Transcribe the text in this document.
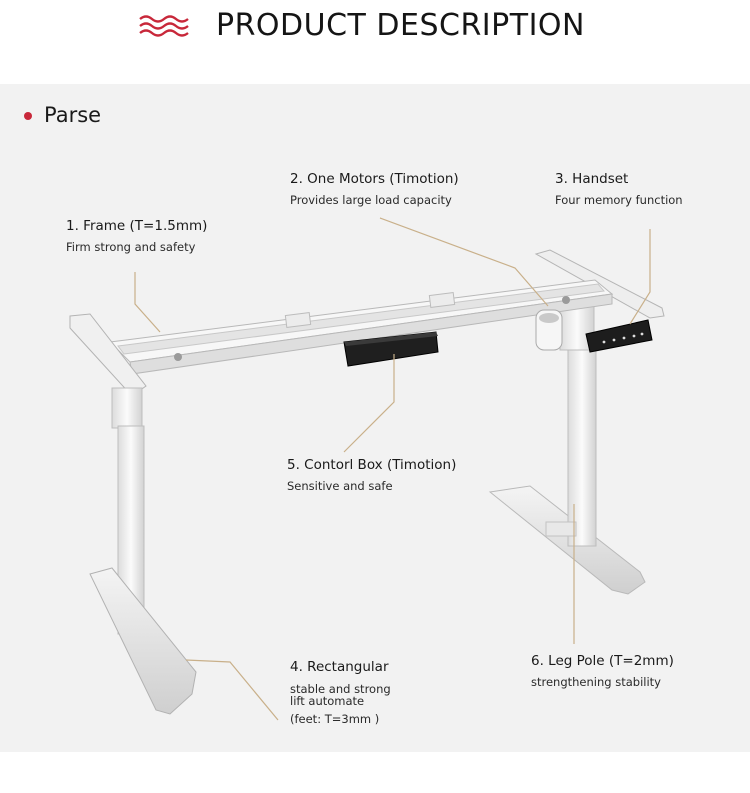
PRODUCT DESCRIPTION
Parse
1. Frame (T=1.5mm)
Firm strong and safety
2. One Motors (Timotion)
Provides large load capacity
3. Handset
Four memory function
4. Rectangular
stable and strong
lift automate
(feet: T=3mm )
5. Contorl Box (Timotion)
Sensitive and safe
6. Leg Pole (T=2mm)
strengthening stability
